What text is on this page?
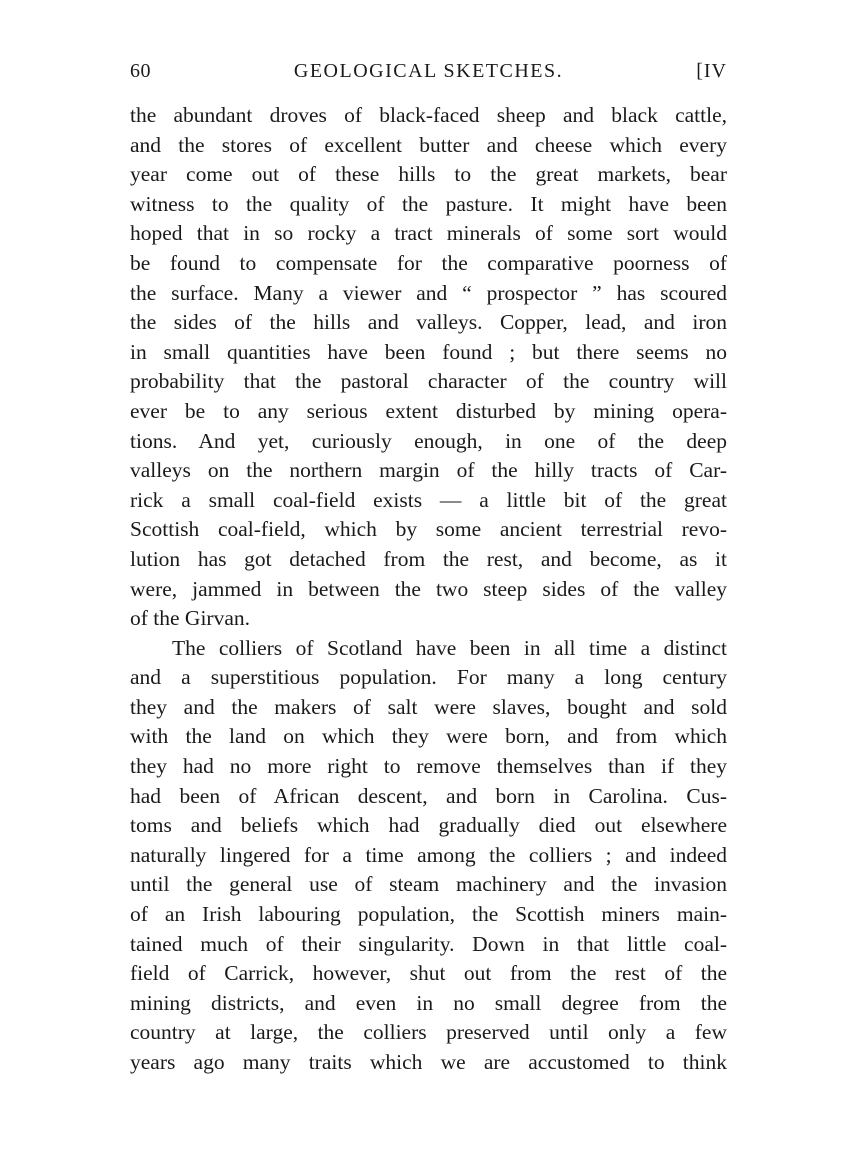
60	GEOLOGICAL SKETCHES.	[IV
the abundant droves of black-faced sheep and black cattle,
and the stores of excellent butter and cheese which every
year come out of these hills to the great markets, bear
witness to the quality of the pasture. It might have been
hoped that in so rocky a tract minerals of some sort would
be found to compensate for the comparative poorness of
the surface. Many a viewer and “ prospector ” has scoured
the sides of the hills and valleys. Copper, lead, and iron
in small quantities have been found ; but there seems no
probability that the pastoral character of the country will
ever be to any serious extent disturbed by mining opera-
tions. And yet, curiously enough, in one of the deep
valleys on the northern margin of the hilly tracts of Car-
rick a small coal-field exists — a little bit of the great
Scottish coal-field, which by some ancient terrestrial revo-
lution has got detached from the rest, and become, as it
were, jammed in between the two steep sides of the valley
of the Girvan.
The colliers of Scotland have been in all time a distinct
and a superstitious population. For many a long century
they and the makers of salt were slaves, bought and sold
with the land on which they were born, and from which
they had no more right to remove themselves than if they
had been of African descent, and born in Carolina. Cus-
toms and beliefs which had gradually died out elsewhere
naturally lingered for a time among the colliers ; and indeed
until the general use of steam machinery and the invasion
of an Irish labouring population, the Scottish miners main-
tained much of their singularity. Down in that little coal-
field of Carrick, however, shut out from the rest of the
mining districts, and even in no small degree from the
country at large, the colliers preserved until only a few
years ago many traits which we are accustomed to think
